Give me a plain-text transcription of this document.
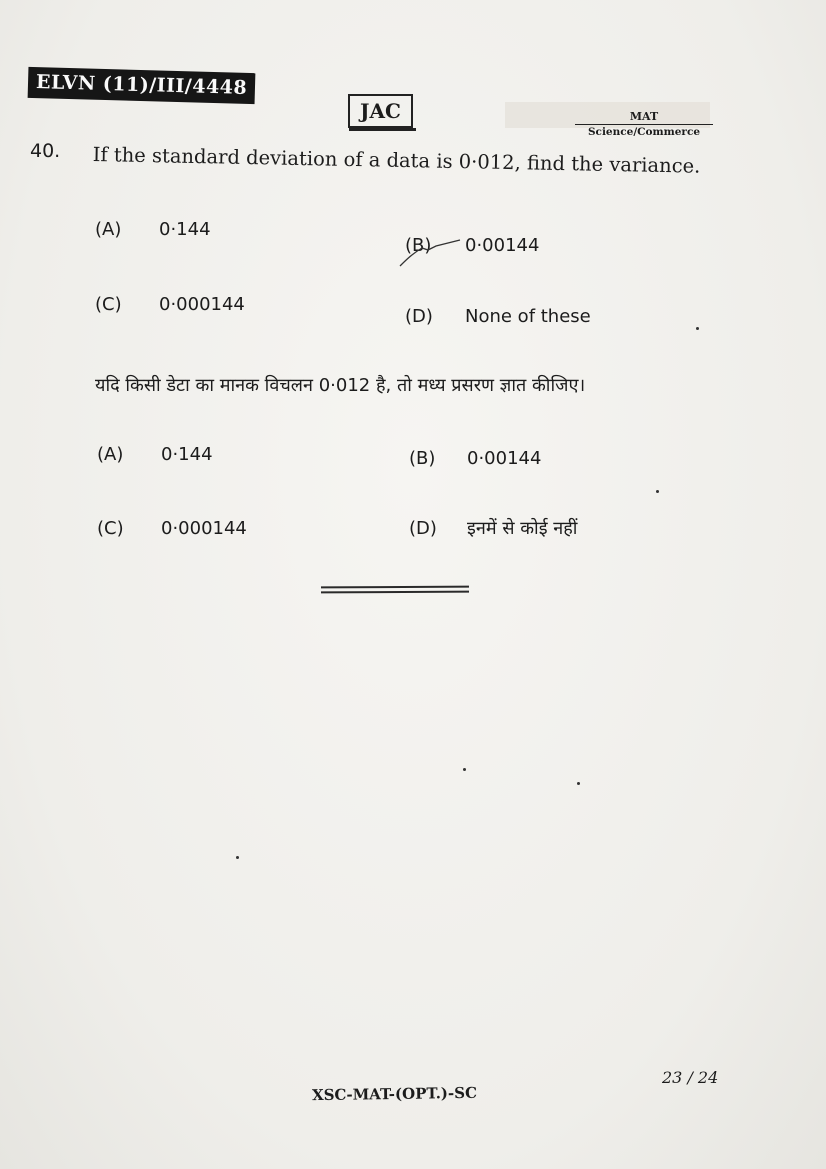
ELVN (11)/III/4448
JAC	MAT
Science/Commerce
40. If the standard deviation of a data is 0·012, find the variance.
(A) 0·144
(B) 0·00144
(C) 0·000144
(D) None of these
यदि किसी डेटा का मानक विचलन 0·012 है, तो मध्य प्रसरण ज्ञात कीजिए।
(A) 0·144	(B) 0·00144
(C) 0·000144	(D) इनमें से कोई नहीं
23 / 24
XSC-MAT-(OPT.)-SC
